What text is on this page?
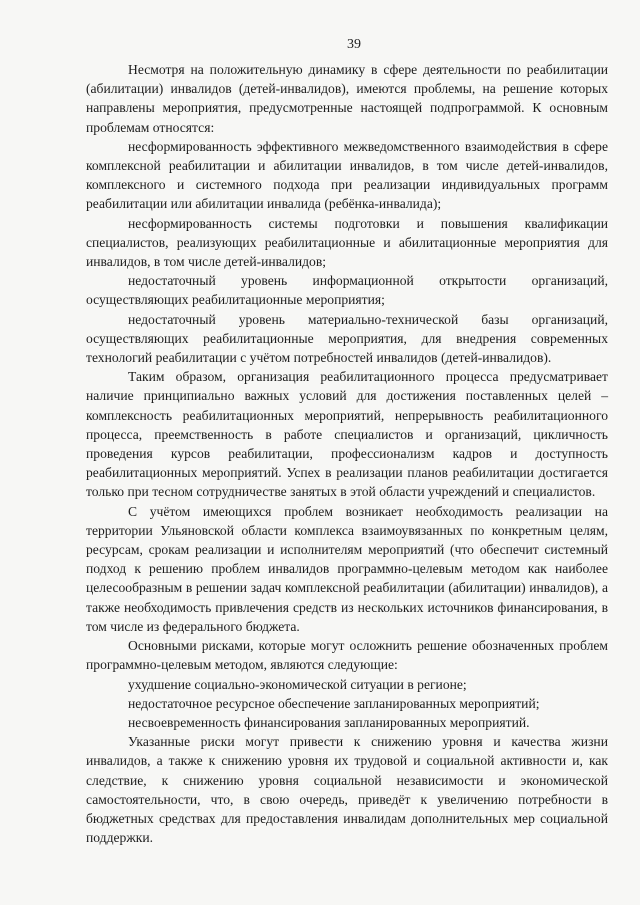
39

Несмотря на положительную динамику в сфере деятельности по реабилитации (абилитации) инвалидов (детей-инвалидов), имеются проблемы, на решение которых направлены мероприятия, предусмотренные настоящей подпрограммой. К основным проблемам относятся:

несформированность эффективного межведомственного взаимодействия в сфере комплексной реабилитации и абилитации инвалидов, в том числе детей-инвалидов, комплексного и системного подхода при реализации индивидуальных программ реабилитации или абилитации инвалида (ребёнка-инвалида);

несформированность системы подготовки и повышения квалификации специалистов, реализующих реабилитационные и абилитационные мероприятия для инвалидов, в том числе детей-инвалидов;

недостаточный уровень информационной открытости организаций, осуществляющих реабилитационные мероприятия;

недостаточный уровень материально-технической базы организаций, осуществляющих реабилитационные мероприятия, для внедрения современных технологий реабилитации с учётом потребностей инвалидов (детей-инвалидов).

Таким образом, организация реабилитационного процесса предусматривает наличие принципиально важных условий для достижения поставленных целей – комплексность реабилитационных мероприятий, непрерывность реабилитационного процесса, преемственность в работе специалистов и организаций, цикличность проведения курсов реабилитации, профессионализм кадров и доступность реабилитационных мероприятий. Успех в реализации планов реабилитации достигается только при тесном сотрудничестве занятых в этой области учреждений и специалистов.

С учётом имеющихся проблем возникает необходимость реализации на территории Ульяновской области комплекса взаимоувязанных по конкретным целям, ресурсам, срокам реализации и исполнителям мероприятий (что обеспечит системный подход к решению проблем инвалидов программно-целевым методом как наиболее целесообразным в решении задач комплексной реабилитации (абилитации) инвалидов), а также необходимость привлечения средств из нескольких источников финансирования, в том числе из федерального бюджета.

Основными рисками, которые могут осложнить решение обозначенных проблем программно-целевым методом, являются следующие:

ухудшение социально-экономической ситуации в регионе;

недостаточное ресурсное обеспечение запланированных мероприятий;

несвоевременность финансирования запланированных мероприятий.

Указанные риски могут привести к снижению уровня и качества жизни инвалидов, а также к снижению уровня их трудовой и социальной активности и, как следствие, к снижению уровня социальной независимости и экономической самостоятельности, что, в свою очередь, приведёт к увеличению потребности в бюджетных средствах для предоставления инвалидам дополнительных мер социальной поддержки.
